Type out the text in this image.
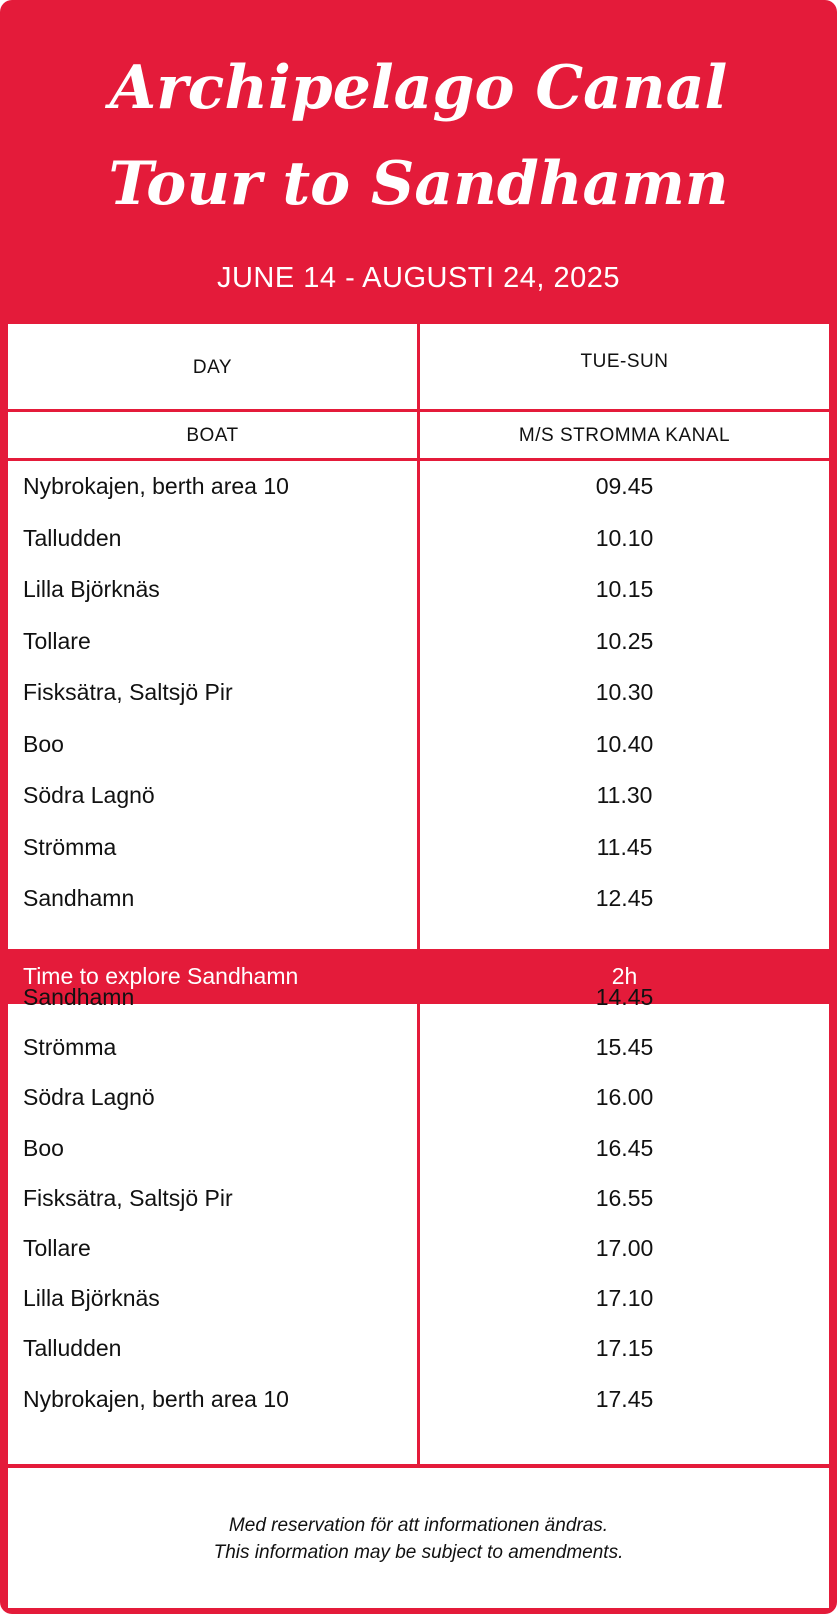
Archipelago Canal Tour to Sandhamn
JUNE 14 - AUGUSTI 24, 2025
DAY	TUE-SUN
BOAT	M/S STROMMA KANAL
Nybrokajen, berth area 10	09.45
Talludden	10.10
Lilla Björknäs	10.15
Tollare	10.25
Fisksätra, Saltsjö Pir	10.30
Boo	10.40
Södra Lagnö	11.30
Strömma	11.45
Sandhamn	12.45
Time to explore Sandhamn	2h
Sandhamn	14.45
Strömma	15.45
Södra Lagnö	16.00
Boo	16.45
Fisksätra, Saltsjö Pir	16.55
Tollare	17.00
Lilla Björknäs	17.10
Talludden	17.15
Nybrokajen, berth area 10	17.45
Med reservation för att informationen ändras.
This information may be subject to amendments.
